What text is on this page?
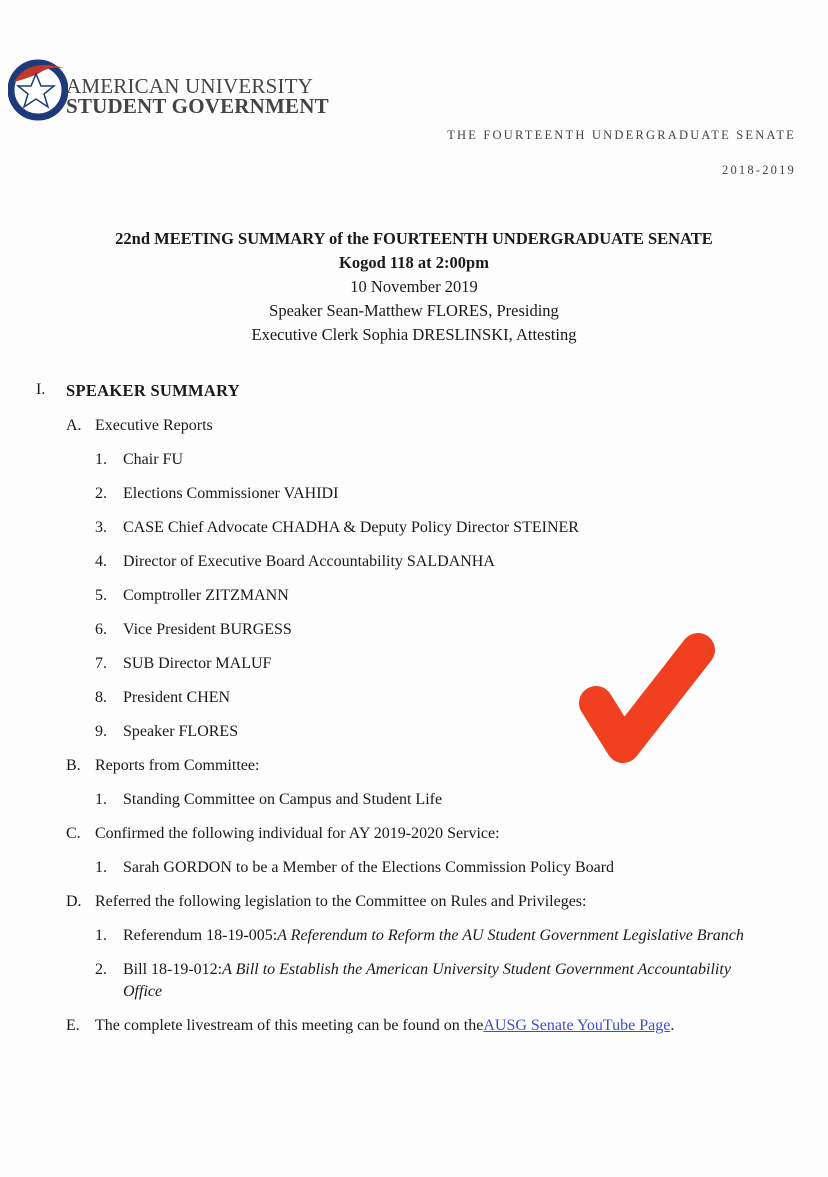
AMERICAN UNIVERSITY
STUDENT GOVERNMENT
THE FOURTEENTH UNDERGRADUATE SENATE
2018-2019
22nd MEETING SUMMARY of the FOURTEENTH UNDERGRADUATE SENATE
Kogod 118 at 2:00pm
10 November 2019
Speaker Sean-Matthew FLORES, Presiding
Executive Clerk Sophia DRESLINSKI, Attesting
I. SPEAKER SUMMARY
A. Executive Reports
1. Chair FU
2. Elections Commissioner VAHIDI
3. CASE Chief Advocate CHADHA & Deputy Policy Director STEINER
4. Director of Executive Board Accountability SALDANHA
5. Comptroller ZITZMANN
6. Vice President BURGESS
7. SUB Director MALUF
8. President CHEN
9. Speaker FLORES
B. Reports from Committee:
1. Standing Committee on Campus and Student Life
C. Confirmed the following individual for AY 2019-2020 Service:
1. Sarah GORDON to be a Member of the Elections Commission Policy Board
D. Referred the following legislation to the Committee on Rules and Privileges:
1. Referendum 18-19-005:A Referendum to Reform the AU Student Government Legislative Branch
2. Bill 18-19-012:A Bill to Establish the American University Student Government Accountability
Office
E. The complete livestream of this meeting can be found on theAUSG Senate YouTube Page.
